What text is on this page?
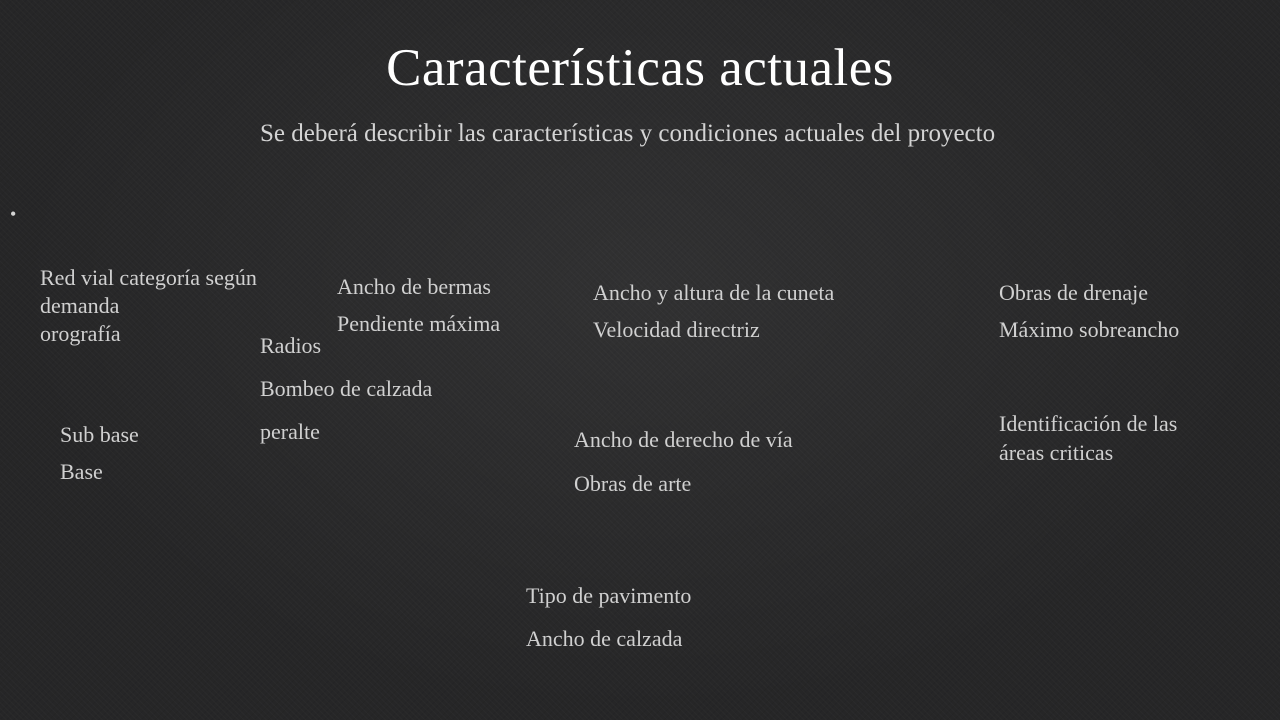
Características actuales

Se deberá describir las características y condiciones actuales del proyecto

•
Red vial categoría según
demanda
orografía
Ancho de bermas
Pendiente máxima
Radios
Bombeo de calzada
peralte
Ancho y altura de la cuneta
Velocidad directriz
Obras de drenaje
Máximo sobreancho
Sub base
Base
Ancho de derecho de vía
Obras de arte
Identificación de las
áreas criticas
Tipo de pavimento
Ancho de calzada
